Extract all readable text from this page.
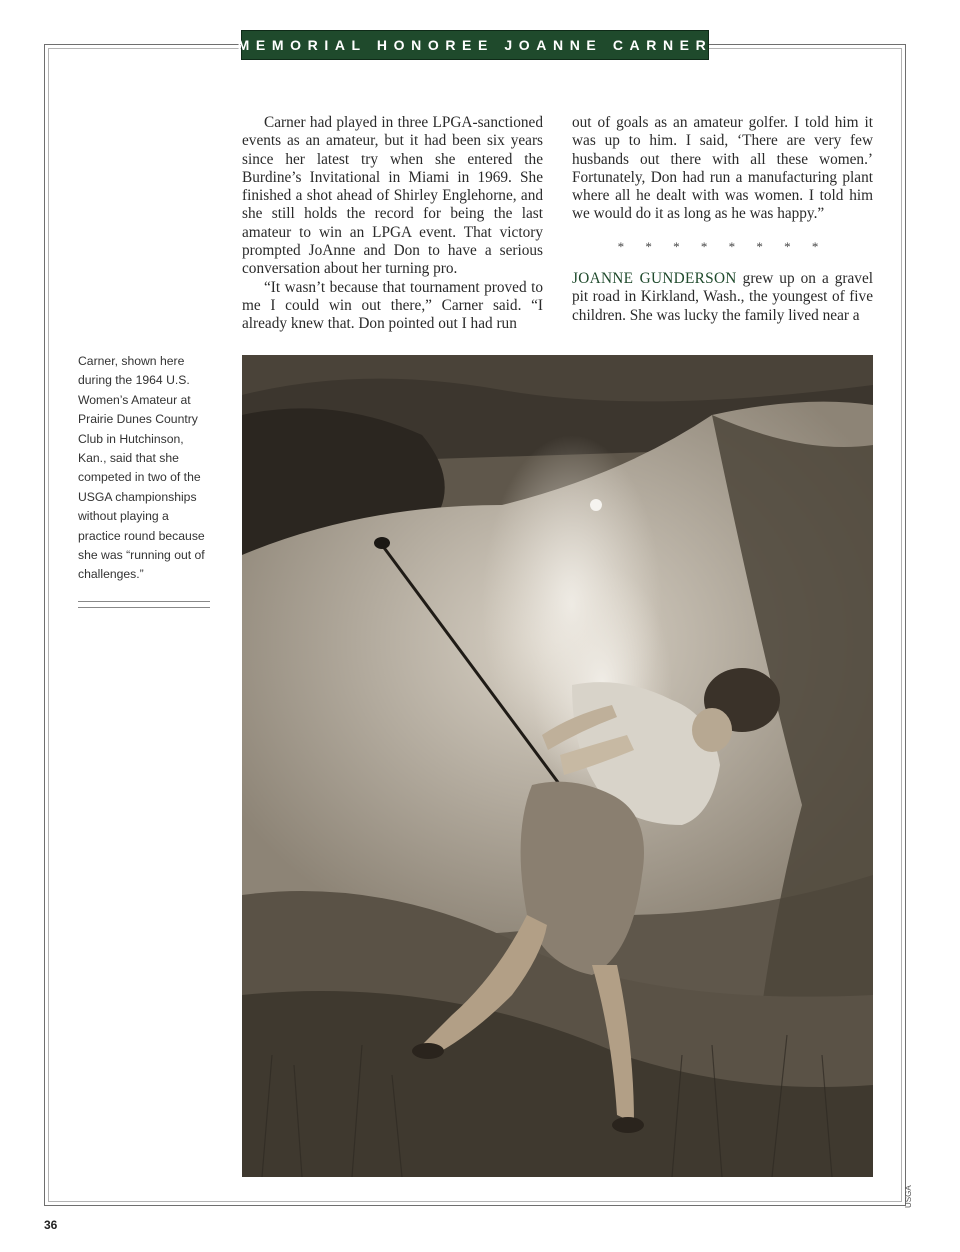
MEMORIAL HONOREE JOANNE CARNER

Carner had played in three LPGA-sanctioned events as an amateur, but it had been six years since her latest try when she entered the Burdine’s Invitational in Miami in 1969. She finished a shot ahead of Shirley Englehorne, and she still holds the record for being the last amateur to win an LPGA event. That victory prompted JoAnne and Don to have a serious conversation about her turning pro.

“It wasn’t because that tournament proved to me I could win out there,” Carner said. “I already knew that. Don pointed out I had run

out of goals as an amateur golfer. I told him it was up to him. I said, ‘There are very few husbands out there with all these women.’ Fortunately, Don had run a manufacturing plant where all he dealt with was women. I told him we would do it as long as he was happy.”

* * * * * * * *

JOANNE GUNDERSON grew up on a gravel pit road in Kirkland, Wash., the youngest of five children. She was lucky the family lived near a

Carner, shown here during the 1964 U.S. Women’s Amateur at Prairie Dunes Country Club in Hutchinson, Kan., said that she competed in two of the USGA championships without playing a practice round because she was “running out of challenges.”
USGA
36
